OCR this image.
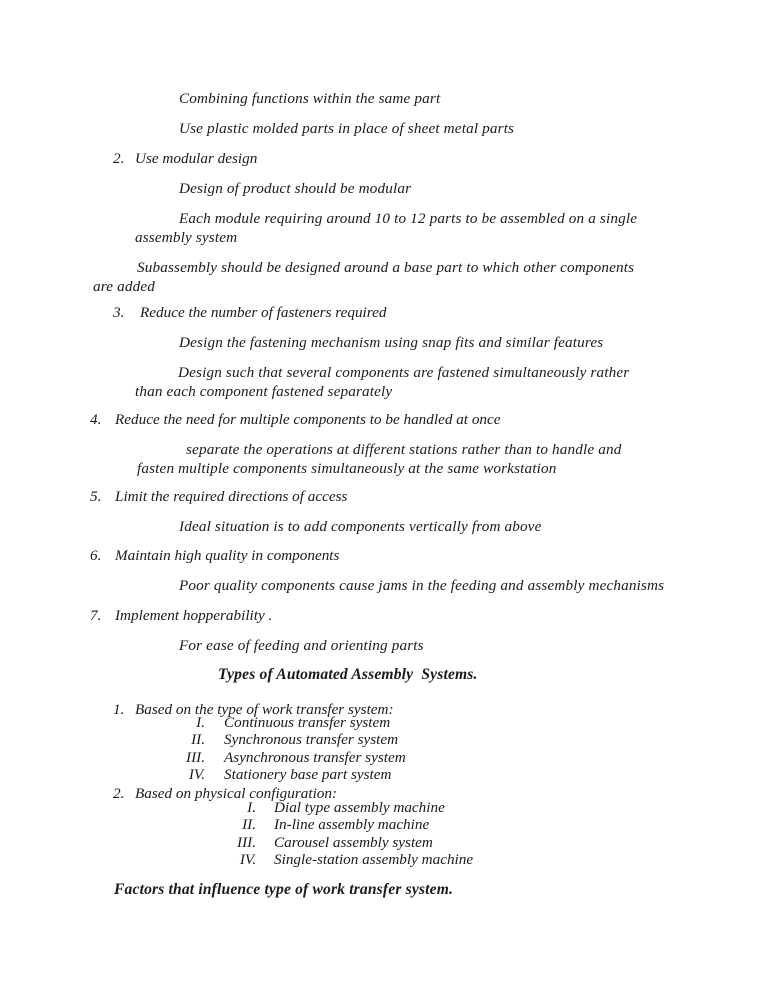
Combining functions within the same part
Use plastic molded parts in place of sheet metal parts
2. Use modular design
Design of product should be modular
Each module requiring around 10 to 12 parts to be assembled on a single assembly system
Subassembly should be designed around a base part to which other components are added
3.	Reduce the number of fasteners required
Design the fastening mechanism using snap fits and similar features
Design such that several components are fastened simultaneously rather than each component fastened separately
4. Reduce the need for multiple components to be handled at once
separate the operations at different stations rather than to handle and fasten multiple components simultaneously at the same workstation
5. Limit the required directions of access
Ideal situation is to add components vertically from above
6. Maintain high quality in components
Poor quality components cause jams in the feeding and assembly mechanisms
7. Implement hopperability .
For ease of feeding and orienting parts
Types of Automated Assembly  Systems.
1. Based on the type of work transfer system:
I.	Continuous transfer system
II.	Synchronous transfer system
III.	Asynchronous transfer system
IV.	Stationery base part system
2. Based on physical configuration:
I.	Dial type assembly machine
II.	In-line assembly machine
III.	Carousel assembly system
IV.	Single-station assembly machine
Factors that influence type of work transfer system.
